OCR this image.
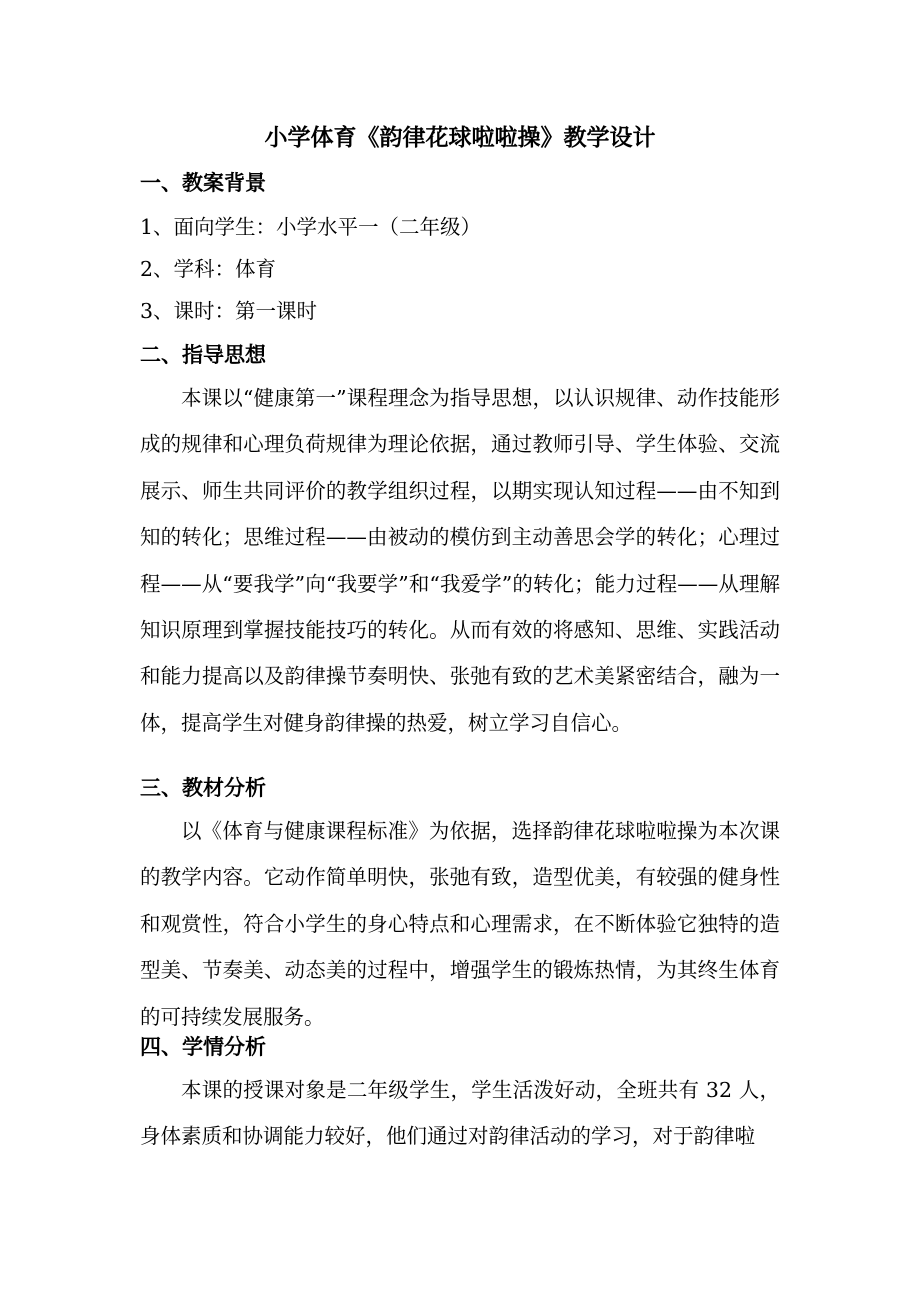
小学体育《韵律花球啦啦操》教学设计
一、教案背景
1、面向学生：小学水平一（二年级）
2、学科：体育
3、课时：第一课时
二、指导思想
本课以“健康第一”课程理念为指导思想，以认识规律、动作技能形成的规律和心理负荷规律为理论依据，通过教师引导、学生体验、交流展示、师生共同评价的教学组织过程，以期实现认知过程——由不知到知的转化；思维过程——由被动的模仿到主动善思会学的转化；心理过程——从“要我学”向“我要学”和“我爱学”的转化；能力过程——从理解知识原理到掌握技能技巧的转化。从而有效的将感知、思维、实践活动和能力提高以及韵律操节奏明快、张弛有致的艺术美紧密结合，融为一体，提高学生对健身韵律操的热爱，树立学习自信心。
三、教材分析
以《体育与健康课程标准》为依据，选择韵律花球啦啦操为本次课的教学内容。它动作简单明快，张弛有致，造型优美，有较强的健身性和观赏性，符合小学生的身心特点和心理需求，在不断体验它独特的造型美、节奏美、动态美的过程中，增强学生的锻炼热情，为其终生体育的可持续发展服务。
四、学情分析
本课的授课对象是二年级学生，学生活泼好动，全班共有 32 人，身体素质和协调能力较好，他们通过对韵律活动的学习，对于韵律啦
